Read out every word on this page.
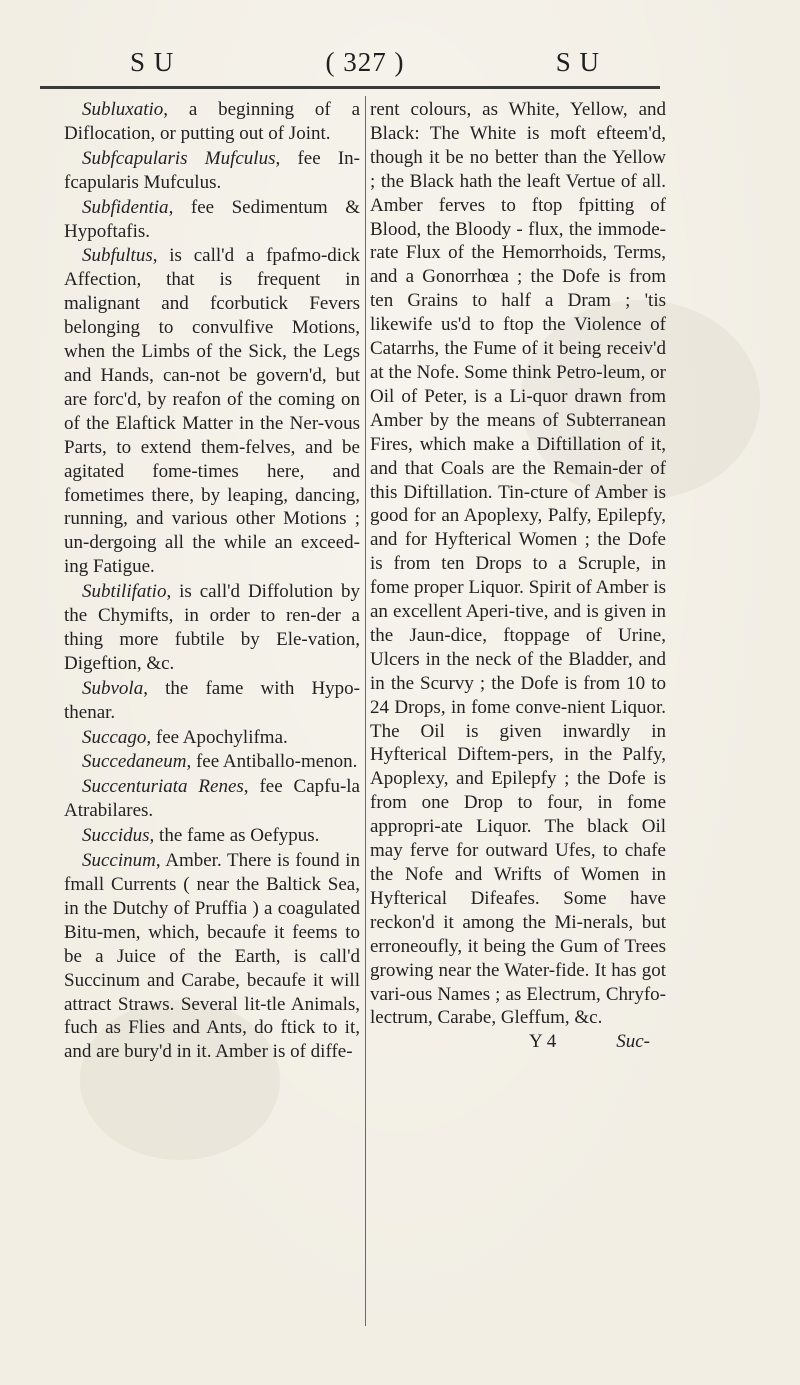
S U	( 327 )	S U

Subluxatio, a beginning of a Diflocation, or putting out of Joint.

Subfcapularis Mufculus, fee In-fcapularis Mufculus.

Subfidentia, fee Sedimentum & Hypoftafis.

Subfultus, is call'd a fpafmo-dick Affection, that is frequent in malignant and fcorbutick Fevers belonging to convulfive Motions, when the Limbs of the Sick, the Legs and Hands, can-not be govern'd, but are forc'd, by reafon of the coming on of the Elaftick Matter in the Ner-vous Parts, to extend them-felves, and be agitated fome-times here, and fometimes there, by leaping, dancing, running, and various other Motions ; un-dergoing all the while an exceed-ing Fatigue.

Subtilifatio, is call'd Diffolution by the Chymifts, in order to ren-der a thing more fubtile by Ele-vation, Digeftion, &c.

Subvola, the fame with Hypo-thenar.

Succago, fee Apochylifma.

Succedaneum, fee Antiballo-menon.

Succenturiata Renes, fee Capfu-la Atrabilares.

Succidus, the fame as Oefypus.

Succinum, Amber. There is found in fmall Currents ( near the Baltick Sea, in the Dutchy of Pruffia ) a coagulated Bitu-men, which, becaufe it feems to be a Juice of the Earth, is call'd Succinum and Carabe, becaufe it will attract Straws. Several lit-tle Animals, fuch as Flies and Ants, do ftick to it, and are bury'd in it. Amber is of diffe-

rent colours, as White, Yellow, and Black: The White is moft efteem'd, though it be no better than the Yellow ; the Black hath the leaft Vertue of all. Amber ferves to ftop fpitting of Blood, the Bloody - flux, the immode-rate Flux of the Hemorrhoids, Terms, and a Gonorrhœa ; the Dofe is from ten Grains to half a Dram ; 'tis likewife us'd to ftop the Violence of Catarrhs, the Fume of it being receiv'd at the Nofe. Some think Petro-leum, or Oil of Peter, is a Li-quor drawn from Amber by the means of Subterranean Fires, which make a Diftillation of it, and that Coals are the Remain-der of this Diftillation. Tin-cture of Amber is good for an Apoplexy, Palfy, Epilepfy, and for Hyfterical Women ; the Dofe is from ten Drops to a Scruple, in fome proper Liquor. Spirit of Amber is an excellent Aperi-tive, and is given in the Jaun-dice, ftoppage of Urine, Ulcers in the neck of the Bladder, and in the Scurvy ; the Dofe is from 10 to 24 Drops, in fome conve-nient Liquor. The Oil is given inwardly in Hyfterical Diftem-pers, in the Palfy, Apoplexy, and Epilepfy ; the Dofe is from one Drop to four, in fome appropri-ate Liquor. The black Oil may ferve for outward Ufes, to chafe the Nofe and Wrifts of Women in Hyfterical Difeafes. Some have reckon'd it among the Mi-nerals, but erroneoufly, it being the Gum of Trees growing near the Water-fide. It has got vari-ous Names ; as Electrum, Chryfo-lectrum, Carabe, Gleffum, &c.

Y 4	Suc-
